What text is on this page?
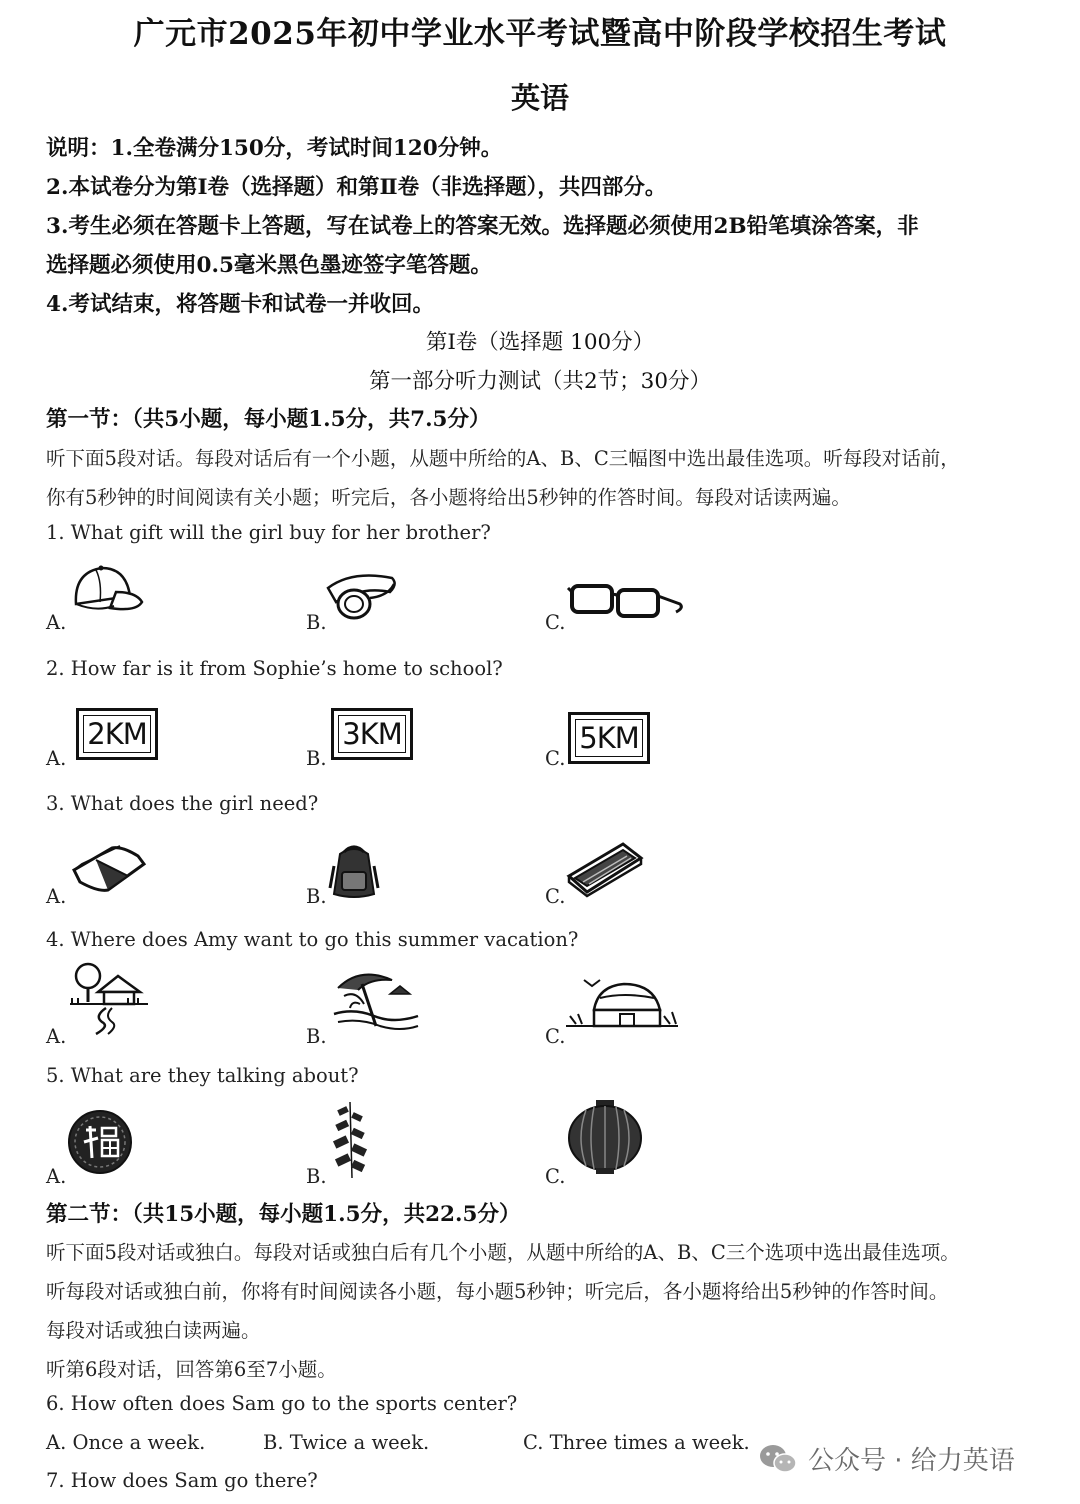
广元市2025年初中学业水平考试暨高中阶段学校招生考试
英语
说明：1.全卷满分150分，考试时间120分钟。
2.本试卷分为第Ⅰ卷（选择题）和第Ⅱ卷（非选择题），共四部分。
3.考生必须在答题卡上答题，写在试卷上的答案无效。选择题必须使用2B铅笔填涂答案，非
选择题必须使用0.5毫米黑色墨迹签字笔答题。
4.考试结束，将答题卡和试卷一并收回。
第Ⅰ卷（选择题 100分）
第一部分听力测试（共2节；30分）
第一节：（共5小题，每小题1.5分，共7.5分）
听下面5段对话。每段对话后有一个小题，从题中所给的A、B、C三幅图中选出最佳选项。听每段对话前，
你有5秒钟的时间阅读有关小题；听完后，各小题将给出5秒钟的作答时间。每段对话读两遍。
1. What gift will the girl buy for her brother?
A.	B.	C.
2. How far is it from Sophie’s home to school?
A.	B.	C.
2KM	3KM	5KM
3. What does the girl need?
A.	B.	C.
4. Where does Amy want to go this summer vacation?
A.	B.	C.
5. What are they talking about?
A.	B.	C.
第二节：（共15小题，每小题1.5分，共22.5分）
听下面5段对话或独白。每段对话或独白后有几个小题，从题中所给的A、B、C三个选项中选出最佳选项。
听每段对话或独白前，你将有时间阅读各小题，每小题5秒钟；听完后，各小题将给出5秒钟的作答时间。
每段对话或独白读两遍。
听第6段对话，回答第6至7小题。
6. How often does Sam go to the sports center?
A. Once a week.	B. Twice a week.	C. Three times a week.
7. How does Sam go there?
公众号 · 给力英语
